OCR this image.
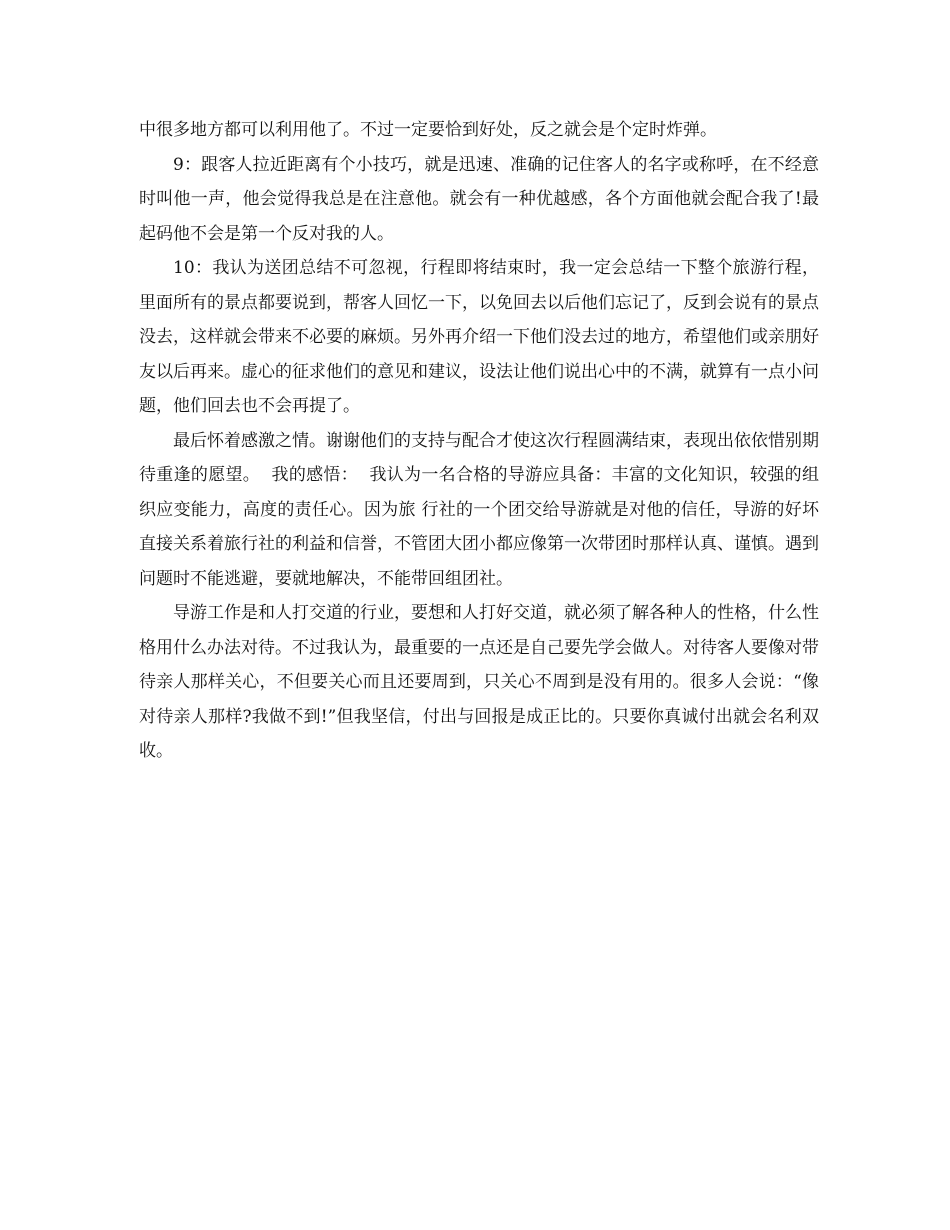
中很多地方都可以利用他了。不过一定要恰到好处，反之就会是个定时炸弹。

9：跟客人拉近距离有个小技巧，就是迅速、准确的记住客人的名字或称呼，在不经意时叫他一声，他会觉得我总是在注意他。就会有一种优越感，各个方面他就会配合我了!最起码他不会是第一个反对我的人。

10：我认为送团总结不可忽视，行程即将结束时，我一定会总结一下整个旅游行程，里面所有的景点都要说到，帮客人回忆一下，以免回去以后他们忘记了，反到会说有的景点没去，这样就会带来不必要的麻烦。另外再介绍一下他们没去过的地方，希望他们或亲朋好友以后再来。虚心的征求他们的意见和建议，设法让他们说出心中的不满，就算有一点小问题，他们回去也不会再提了。

最后怀着感激之情。谢谢他们的支持与配合才使这次行程圆满结束，表现出依依惜别期待重逢的愿望。  我的感悟：  我认为一名合格的导游应具备：丰富的文化知识，较强的组织应变能力，高度的责任心。因为旅 行社的一个团交给导游就是对他的信任，导游的好坏直接关系着旅行社的利益和信誉，不管团大团小都应像第一次带团时那样认真、谨慎。遇到问题时不能逃避，要就地解决，不能带回组团社。

导游工作是和人打交道的行业，要想和人打好交道，就必须了解各种人的性格，什么性格用什么办法对待。不过我认为，最重要的一点还是自己要先学会做人。对待客人要像对带待亲人那样关心，不但要关心而且还要周到，只关心不周到是没有用的。很多人会说：“像对待亲人那样?我做不到!”但我坚信，付出与回报是成正比的。只要你真诚付出就会名利双收。
